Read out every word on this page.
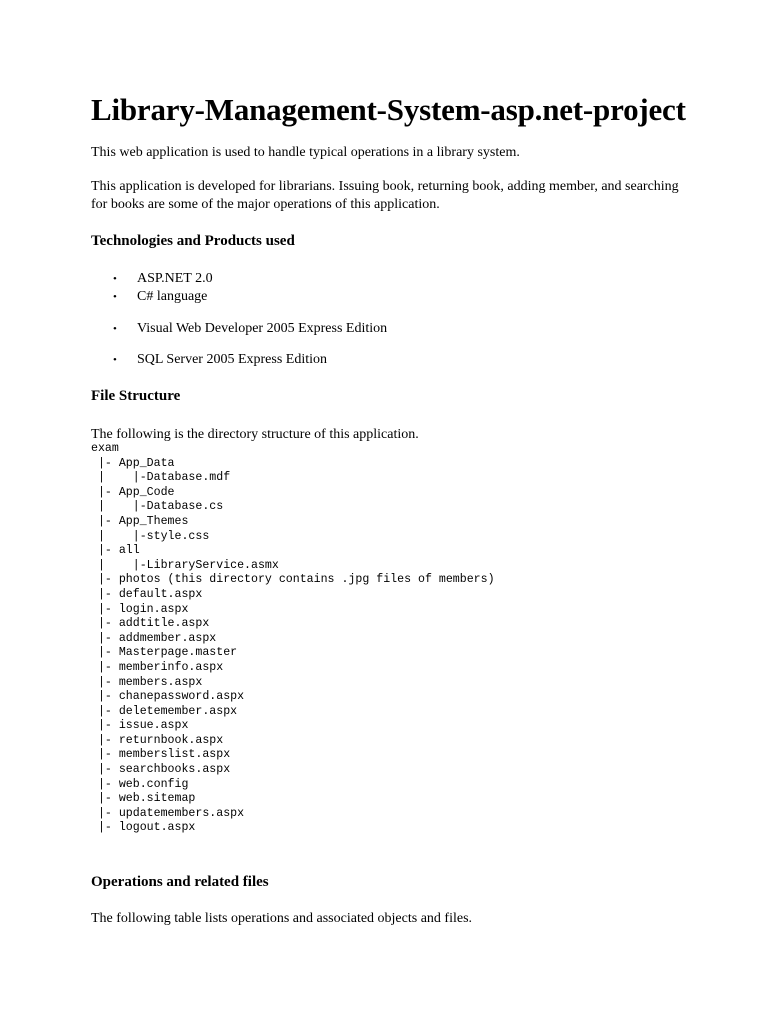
Library-Management-System-asp.net-project

This web application is used to handle typical operations in a library system.

This application is developed for librarians. Issuing book, returning book, adding member, and searching for books are some of the major operations of this application.

Technologies and Products used
• ASP.NET 2.0
• C# language
• Visual Web Developer 2005 Express Edition
• SQL Server 2005 Express Edition
File Structure

The following is the directory structure of this application.

exam
|- App_Data
|    |-Database.mdf
|- App_Code
|    |-Database.cs
|- App_Themes
|    |-style.css
|- all
|    |-LibraryService.asmx
|- photos (this directory contains .jpg files of members)
|- default.aspx
|- login.aspx
|- addtitle.aspx
|- addmember.aspx
|- Masterpage.master
|- memberinfo.aspx
|- members.aspx
|- chanepassword.aspx
|- deletemember.aspx
|- issue.aspx
|- returnbook.aspx
|- memberslist.aspx
|- searchbooks.aspx
|- web.config
|- web.sitemap
|- updatemembers.aspx
|- logout.aspx
Operations and related files

The following table lists operations and associated objects and files.
